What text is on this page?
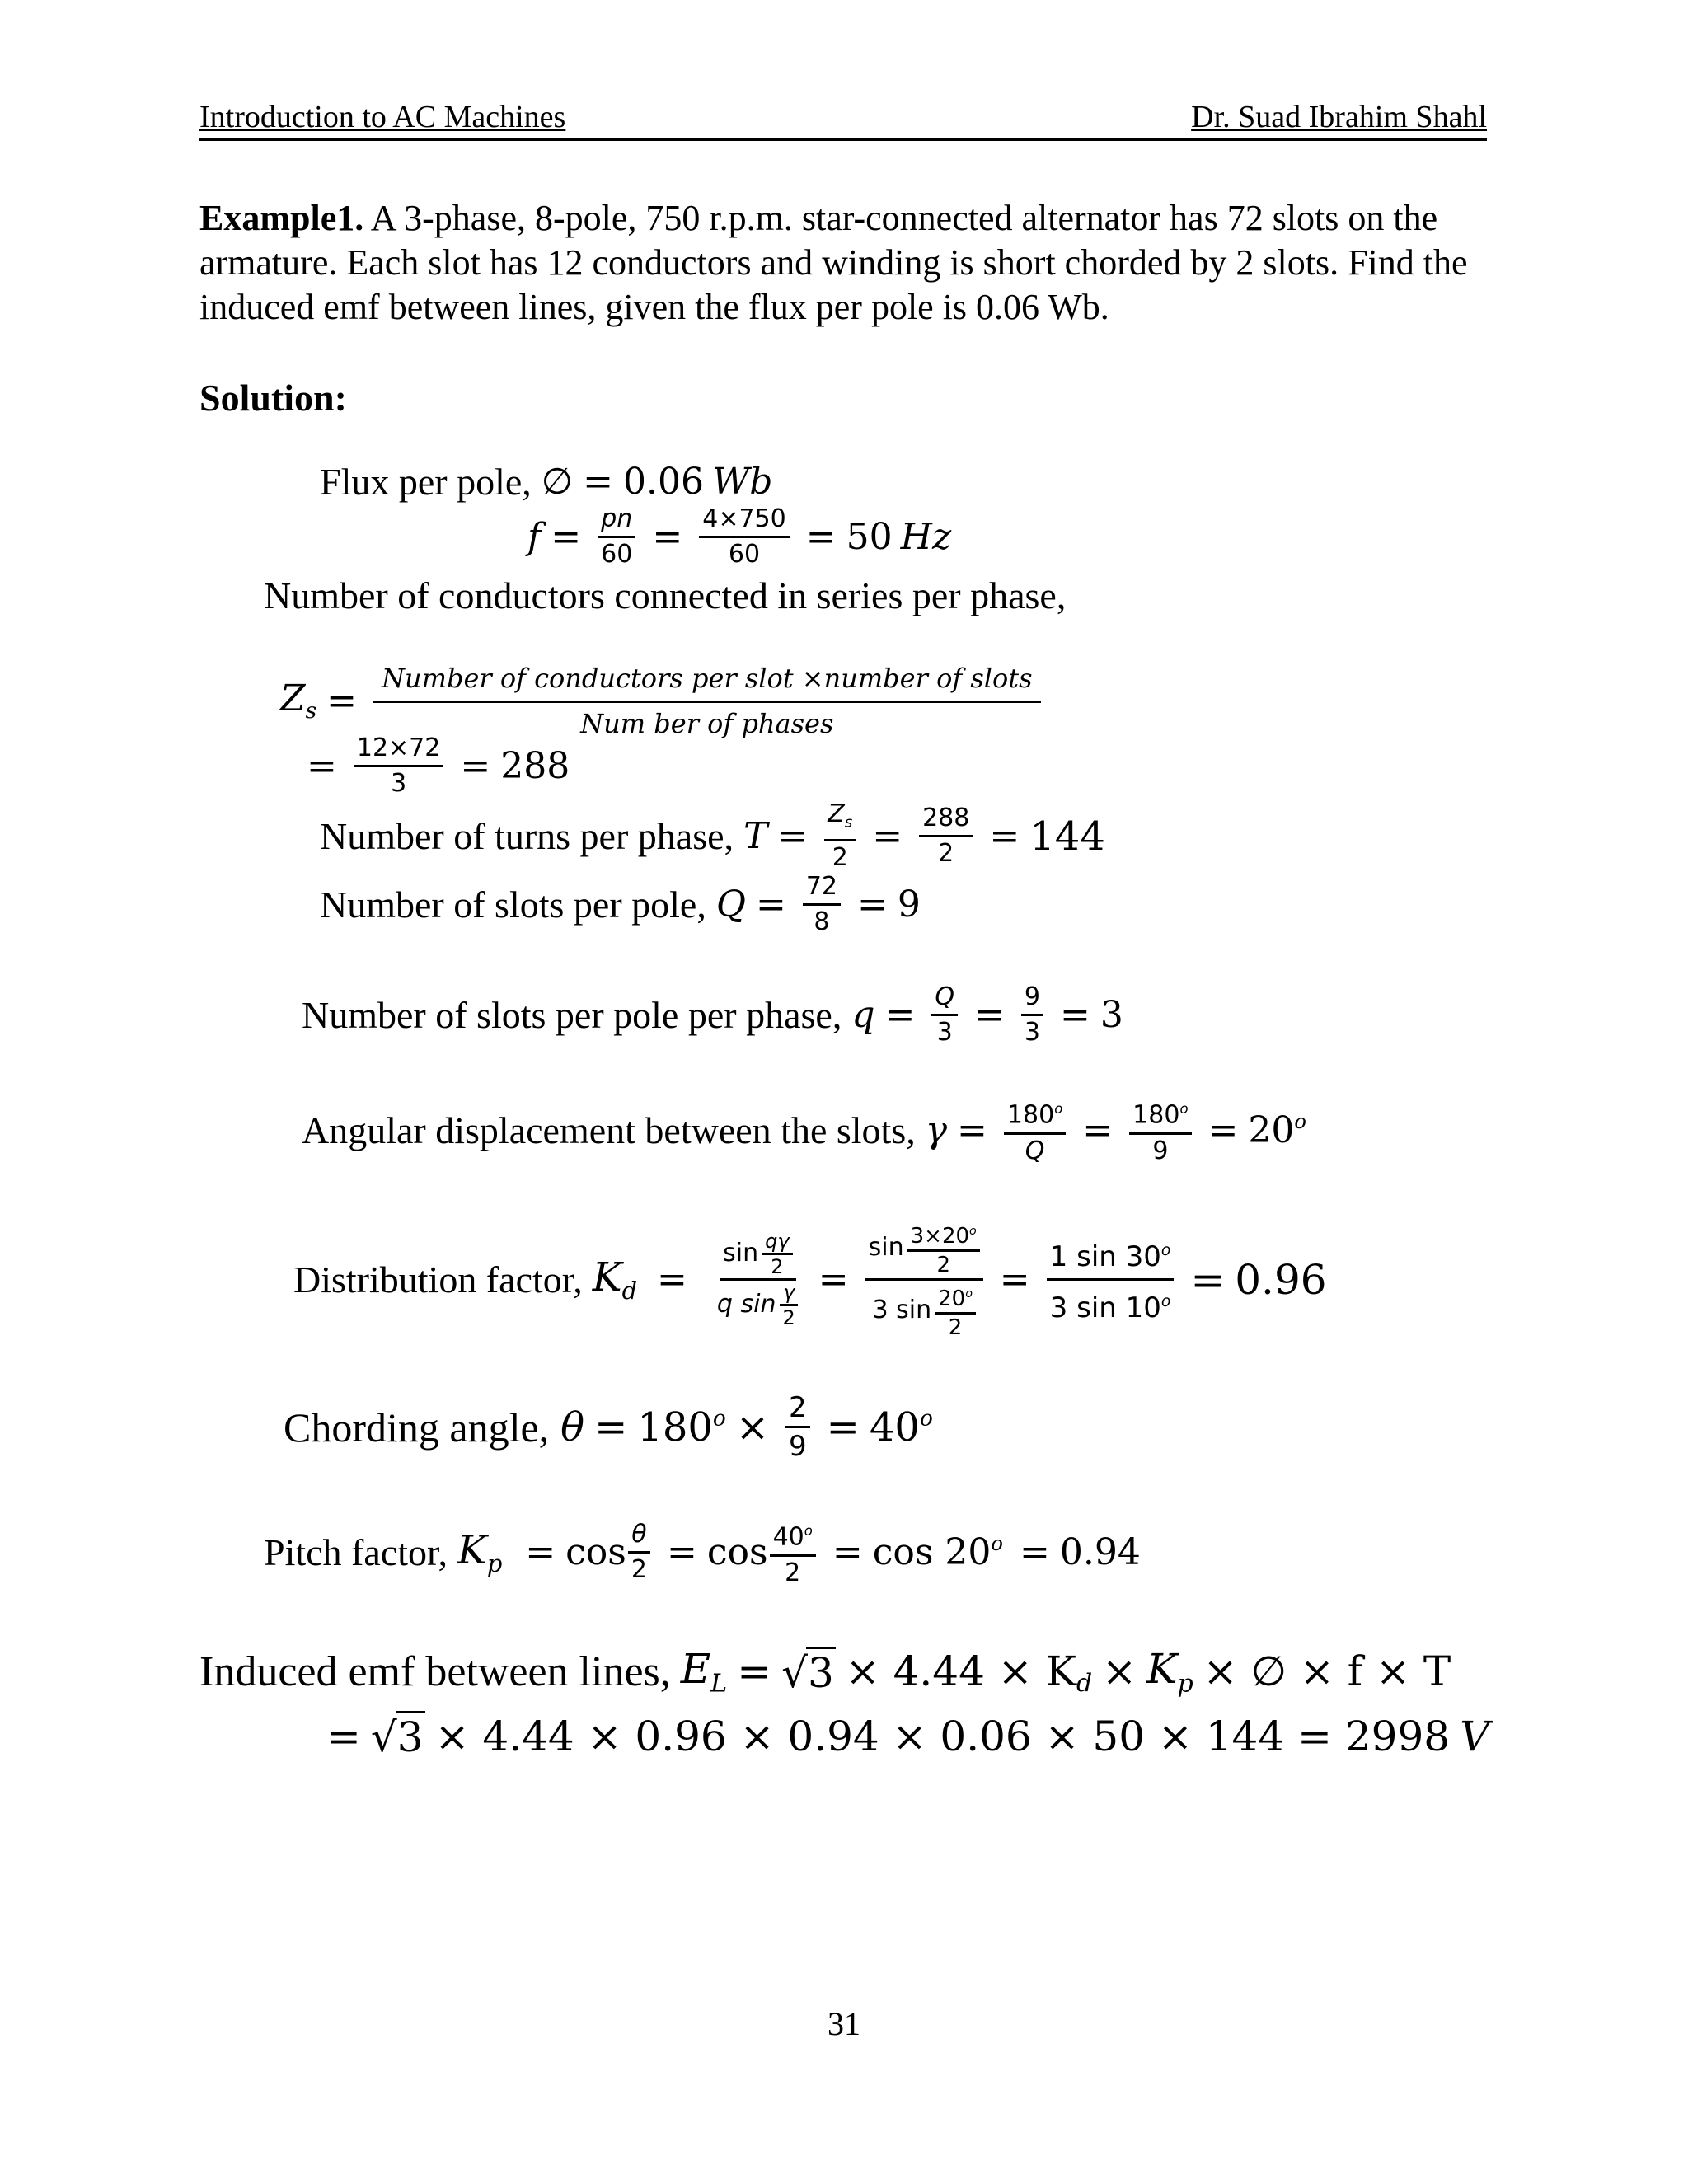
Introduction to AC Machines	Dr. Suad Ibrahim Shahl
Example1. A 3-phase, 8-pole, 750 r.p.m. star-connected alternator has 72 slots on the armature. Each slot has 12 conductors and winding is short chorded by 2 slots. Find the induced emf between lines, given the flux per pole is 0.06 Wb.
Solution:
Flux per pole, ∅ = 0.06 Wb
$f = \frac{pn}{60} = \frac{4\times 750}{60} = 50$ Hz
Number of conductors connected in series per phase,
$Z_s = \frac{\text{Number of conductors per slot ×number of slots}}{\text{Num ber of phases}}$
= $\frac{12\times 72}{3} = 288$
Number of turns per phase, $T = \frac{Z_s}{2} = \frac{288}{2} = 144$
Number of slots per pole, $Q = \frac{72}{8} = 9$
Number of slots per pole per phase, $q = \frac{Q}{3} = \frac{9}{3} = 3$
Angular displacement between the slots, $\gamma = \frac{180^o}{Q} = \frac{180^o}{9} = 20^o$
Distribution factor, $K_d = \frac{\sin \frac{q\gamma}{2}}{q \sin \frac{\gamma}{2}} = \frac{\sin \frac{3\times 20^o}{2}}{3 \sin \frac{20^o}{2}} = \frac{1 \sin 30^o}{3 \sin 10^o} = 0.96$
Chording angle, $\theta = 180^o \times \frac{2}{9} = 40^o$
Pitch factor, $K_p = \cos \frac{\theta}{2} = \cos \frac{40^o}{2} = \cos 20^o = 0.94$
Induced emf between lines, $E_L = √3 \times 4.44 \times K$ $d \times K_p$ × ∅ × f × T
= √3 × 4.44 × 0.96 × 0.94 × 0.06 × 50 × 144 = 2998 V
31
